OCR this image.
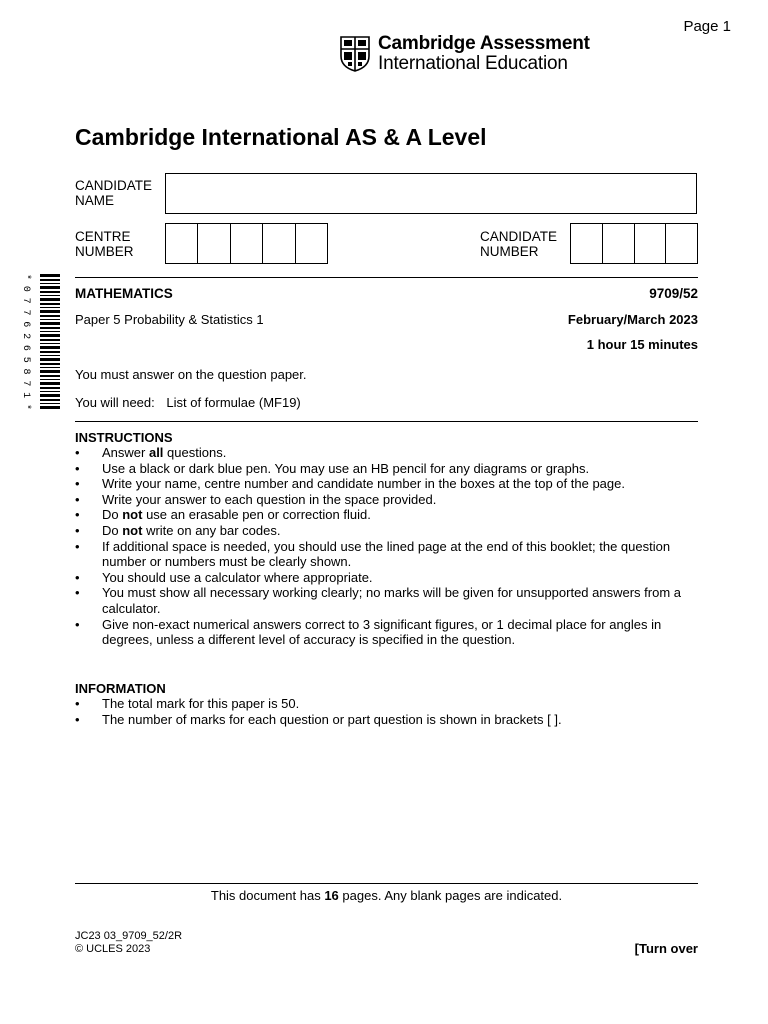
Page 1
Cambridge Assessment
International Education
Cambridge International AS & A Level
CANDIDATE
NAME
CENTRE
NUMBER
CANDIDATE
NUMBER
*0776265871*
MATHEMATICS	9709/52
Paper 5 Probability & Statistics 1	February/March 2023
1 hour 15 minutes
You must answer on the question paper.
You will need: List of formulae (MF19)
INSTRUCTIONS
• Answer all questions.
• Use a black or dark blue pen. You may use an HB pencil for any diagrams or graphs.
• Write your name, centre number and candidate number in the boxes at the top of the page.
• Write your answer to each question in the space provided.
• Do not use an erasable pen or correction fluid.
• Do not write on any bar codes.
• If additional space is needed, you should use the lined page at the end of this booklet; the question number or numbers must be clearly shown.
• You should use a calculator where appropriate.
• You must show all necessary working clearly; no marks will be given for unsupported answers from a calculator.
• Give non-exact numerical answers correct to 3 significant figures, or 1 decimal place for angles in degrees, unless a different level of accuracy is specified in the question.
INFORMATION
• The total mark for this paper is 50.
• The number of marks for each question or part question is shown in brackets [ ].
This document has 16 pages. Any blank pages are indicated.
JC23 03_9709_52/2R
© UCLES 2023	[Turn over
